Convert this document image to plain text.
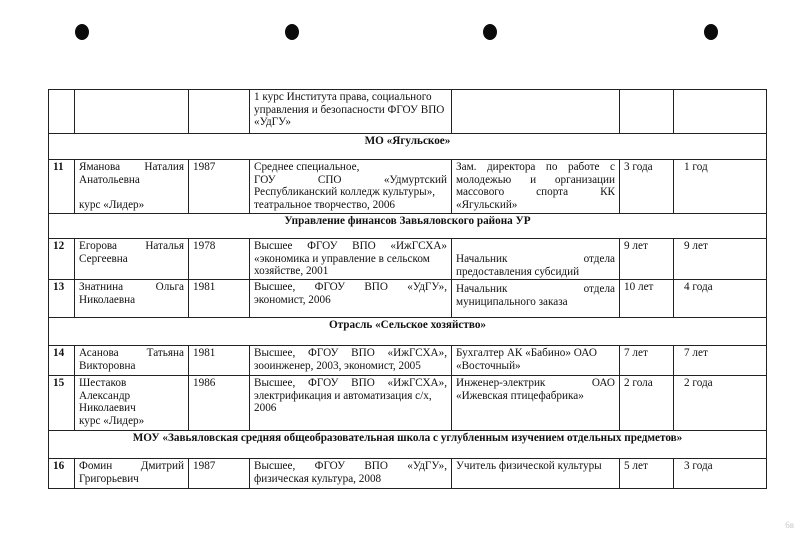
			1 курс Института права, социального
управления и безопасности ФГОУ ВПО
«УдГУ»			

МО «Ягульское»						
11	Яманова Наталия
Анатольевна

курс «Лидер»	1987	Среднее специальное,
ГОУ СПО «Удмуртский
Республиканский колледж культуры»,
театральное творчество, 2006	Зам. директора по работе с
молодежью и организации
массового спорта КК
«Ягульский»	3 года	1 год
Управление финансов Завьяловского района УР						
12	Егорова Наталья
Сергеевна	1978	Высшее ФГОУ ВПО «ИжГСХА»
«экономика и управление в сельском
хозяйстве, 2001	Начальник отдела
предоставления субсидий	9 лет	9 лет
13	Знатнина Ольга
Николаевна	1981	Высшее, ФГОУ ВПО «УдГУ»,
экономист, 2006	Начальник отдела
муниципального заказа	10 лет	4 года
Отрасль «Сельское хозяйство»						
14	Асанова Татьяна
Викторовна	1981	Высшее, ФГОУ ВПО «ИжГСХА»,
зооинженер, 2003, экономист, 2005	Бухгалтер АК «Бабино» ОАО
«Восточный»	7 лет	7 лет
15	Шестаков
Александр
Николаевич
курс «Лидер»	1986	Высшее, ФГОУ ВПО «ИжГСХА»,
электрификация и автоматизация с/х,
2006	Инженер-электрик ОАО
«Ижевская птицефабрика»	2 гола	2 года
МОУ «Завьяловская средняя общеобразовательная школа с углубленным изучением отдельных предметов»						
16	Фомин Дмитрий
Григорьевич	1987	Высшее, ФГОУ ВПО «УдГУ»,
физическая культура, 2008	Учитель физической культуры	5 лет	3 года
6в
